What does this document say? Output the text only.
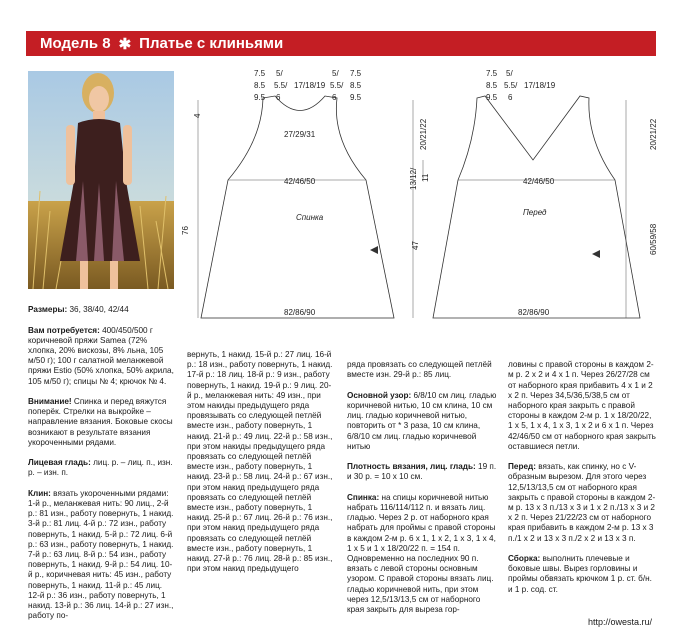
Модель 8 ✱ Платье с клиньями
7.5 5/	5/ 7.5
8.5 5.5/ 17/18/19 5.5/ 8.5
9.5 6	6 9.5
27/29/31
42/46/50
Спинка
82/86/90
76
4
7.5 5/
8.5 5.5/ 17/18/19
9.5 6
42/46/50
Перед
82/86/90
20/21/22
13/12/ 11
47	60/59/58
20/21/22

Размеры: 36, 38/40, 42/44

Вам потребуется: 400/450/500 г коричневой пряжи Samea (72% хлопка, 20% вискозы, 8% льна, 105 м/50 г); 100 г салатной меланжевой пряжи Estio (50% хлопка, 50% акрила, 105 м/50 г); спицы № 4; крючок № 4.

Внимание! Спинка и перед вяжутся поперёк. Стрелки на выкройке – направление вязания. Боковые скосы возникают в результате вязания укороченными рядами.

Лицевая гладь: лиц. р. – лиц. п., изн. р. – изн. п.

Клин: вязать укороченными рядами: 1-й р., меланжевая нить: 90 лиц., 2-й р.: 81 изн., работу повернуть, 1 накид. 3-й р.: 81 лиц. 4-й р.: 72 изн., работу повернуть, 1 накид. 5-й р.: 72 лиц. 6-й р.: 63 изн., работу повернуть, 1 накид. 7-й р.: 63 лиц. 8-й р.: 54 изн., работу повернуть, 1 накид. 9-й р.: 54 лиц. 10-й р., коричневая нить: 45 изн., работу повернуть, 1 накид. 11-й р.: 45 лиц. 12-й р.: 36 изн., работу повернуть, 1 накид. 13-й р.: 36 лиц. 14-й р.: 27 изн., работу по-

вернуть, 1 накид. 15-й р.: 27 лиц. 16-й р.: 18 изн., работу повернуть, 1 накид. 17-й р.: 18 лиц. 18-й р.: 9 изн., работу повернуть, 1 накид. 19-й р.: 9 лиц. 20-й р., меланжевая нить: 49 изн., при этом накиды предыдущего ряда провязывать со следующей петлёй вместе изн., работу повернуть, 1 накид. 21-й р.: 49 лиц. 22-й р.: 58 изн., при этом накиды предыдущего ряда провязать со следующей петлёй вместе изн., работу повернуть, 1 накид. 23-й р.: 58 лиц. 24-й р.: 67 изн., при этом накид предыдущего ряда провязать со следующей петлёй вместе изн., работу повернуть, 1 накид. 25-й р.: 67 лиц. 26-й р.: 76 изн., при этом накид предыдущего ряда провязать со следующей петлёй вместе изн., работу повернуть, 1 накид. 27-й р.: 76 лиц. 28-й р.: 85 изн., при этом накид предыдущего

ряда провязать со следующей петлёй вместе изн. 29-й р.: 85 лиц.

Основной узор: 6/8/10 см лиц. гладью коричневой нитью, 10 см клина, 10 см лиц. гладью коричневой нитью, повторить от * 3 раза, 10 см клина, 6/8/10 см лиц. гладью коричневой нитью

Плотность вязания, лиц. гладь: 19 п. и 30 р. = 10 х 10 см.

Спинка: на спицы коричневой нитью набрать 116/114/112 п. и вязать лиц. гладью. Через 2 р. от наборного края набрать для проймы с правой стороны в каждом 2-м р. 6 х 1, 1 х 2, 1 х 3, 1 х 4, 1 х 5 и 1 х 18/20/22 п. = 154 п. Одновременно на последних 90 п. вязать с левой стороны основным узором. С правой стороны вязать лиц. гладью коричневой нить, при этом через 12,5/13/13,5 см от наборного края закрыть для выреза гор-

ловины с правой стороны в каждом 2-м р. 2 х 2 и 4 х 1 п. Через 26/27/28 см от наборного края прибавить 4 х 1 и 2 х 2 п. Через 34,5/36,5/38,5 см от наборного края закрыть с правой стороны в каждом 2-м р. 1 х 18/20/22, 1 х 5, 1 х 4, 1 х 3, 1 х 2 и 6 х 1 п. Через 42/46/50 см от наборного края закрыть оставшиеся петли.

Перед: вязать, как спинку, но с V-образным вырезом. Для этого через 12,5/13/13,5 см от наборного края закрыть с правой стороны в каждом 2-м р. 13 х 3 п./13 х 3 и 1 х 2 п./13 х 3 и 2 х 2 п. Через 21/22/23 см от наборного края прибавить в каждом 2-м р. 13 х 3 п./1 х 2 и 13 х 3 п./2 х 2 и 13 х 3 п.

Сборка: выполнить плечевые и боковые швы. Вырез горловины и проймы обвязать крючком 1 р. ст. б/н. и 1 р. сод. ст.

http://owesta.ru/
